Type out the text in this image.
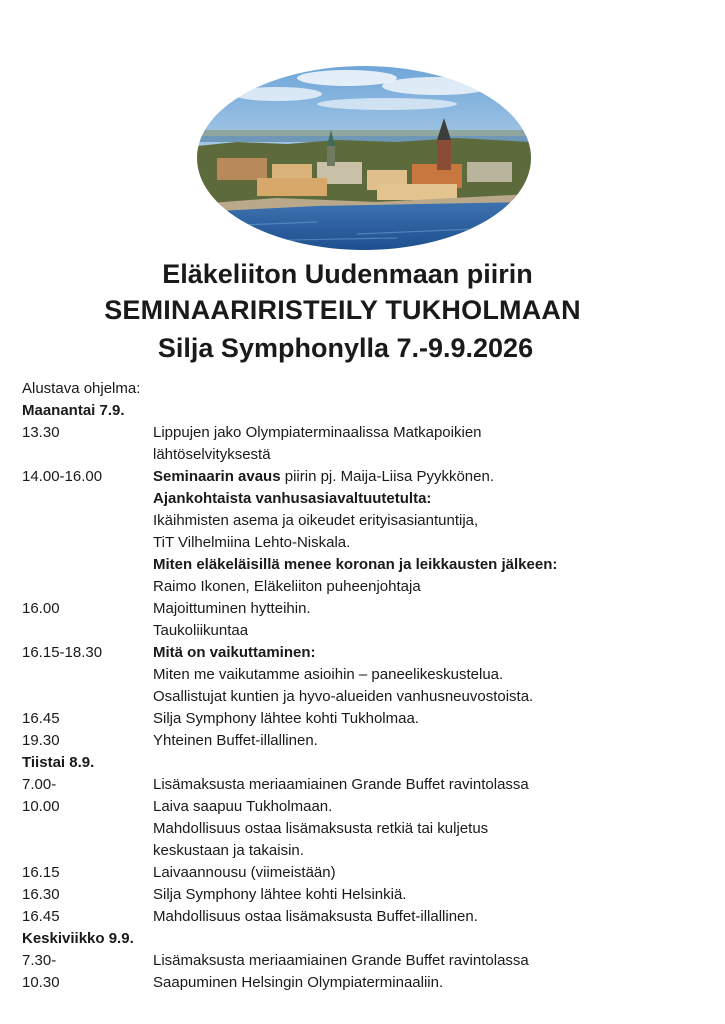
Eläkeliiton Uudenmaan piirin
SEMINAARIRISTEILY TUKHOLMAAN
Silja Symphonylla 7.-9.9.2026

Alustava ohjelma:

Maanantai 7.9.

13.30	Lippujen jako Olympiaterminaalissa Matkapoikien
lähtöselvityksestä
14.00-16.00	Seminaarin avaus piirin pj. Maija-Liisa Pyykkönen.
Ajankohtaista vanhusasiavaltuutetulta:
Ikäihmisten asema ja oikeudet erityisasiantuntija,
TiT Vilhelmiina Lehto-Niskala.
Miten eläkeläisillä menee koronan ja leikkausten jälkeen:
Raimo Ikonen, Eläkeliiton puheenjohtaja
16.00	Majoittuminen hytteihin.
Taukoliikuntaa
16.15-18.30	Mitä on vaikuttaminen:
Miten me vaikutamme asioihin – paneelikeskustelua.
Osallistujat kuntien ja hyvo-alueiden vanhusneuvostoista.
16.45	Silja Symphony lähtee kohti Tukholmaa.
19.30	Yhteinen Buffet-illallinen.

Tiistai 8.9.

7.00-	Lisämaksusta meriaamiainen Grande Buffet ravintolassa
10.00	Laiva saapuu Tukholmaan.
Mahdollisuus ostaa lisämaksusta retkiä tai kuljetus
keskustaan ja takaisin.
16.15	Laivaannousu (viimeistään)
16.30	Silja Symphony lähtee kohti Helsinkiä.
16.45	Mahdollisuus ostaa lisämaksusta Buffet-illallinen.

Keskiviikko 9.9.

7.30-	Lisämaksusta meriaamiainen Grande Buffet ravintolassa
10.30	Saapuminen Helsingin Olympiaterminaaliin.
